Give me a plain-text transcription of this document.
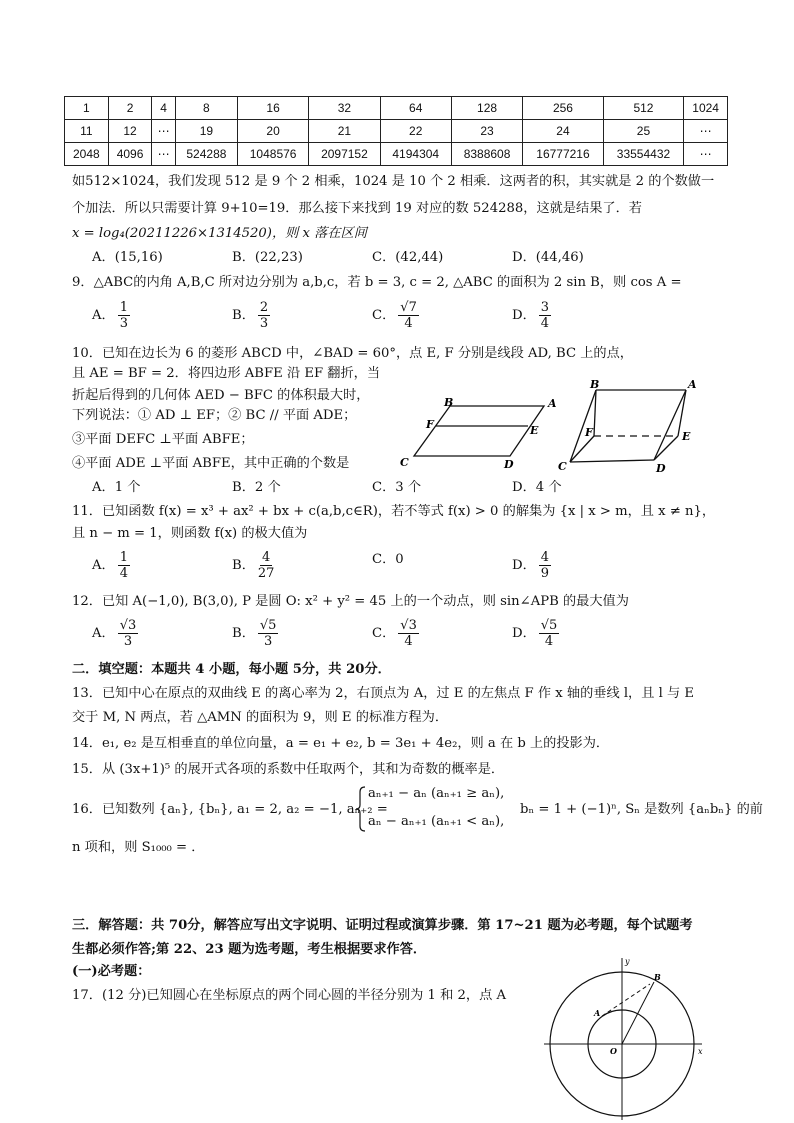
1	2	4	8	16	32	64	128	256	512	1024
11	12	⋯	19	20	21	22	23	24	25	⋯
2048	4096	⋯	524288	1048576	2097152	4194304	8388608	16777216	33554432	⋯
如512×1024，我们发现 512 是 9 个 2 相乘，1024 是 10 个 2 相乘．这两者的积，其实就是 2 的个数做一
个加法．所以只需要计算 9+10=19．那么接下来找到 19 对应的数 524288，这就是结果了．若
x = log₄(20211226×1314520)，则 x 落在区间
A．(15,16)	B．(22,23)	C．(42,44)	D．(44,46)
9．△ABC的内角 A,B,C 所对边分别为 a,b,c，若 b = 3, c = 2, △ABC 的面积为 2 sin B，则 cos A =
A． $\frac{1}{3}$	B． $\frac{2}{3}$	C． $\frac{√7}{4}$	D． $\frac{3}{4}$
10．已知在边长为 6 的菱形 ABCD 中，∠BAD = 60°，点 E, F 分别是线段 AD, BC 上的点，
且 AE = BF = 2．将四边形 ABFE 沿 EF 翻折，当
折起后得到的几何体 AED − BFC 的体积最大时，
下列说法：① AD ⊥ EF；② BC // 平面 ADE；
③平面 DEFC ⊥平面 ABFE；
④平面 ADE ⊥平面 ABFE，其中正确的个数是
A．1 个	B．2 个	C．3 个	D．4 个
B	A
F	E
C	D
B	A
F	E
C	D
11．已知函数 f(x) = x³ + ax² + bx + c(a,b,c∈R)，若不等式 f(x) > 0 的解集为 {x | x > m，且 x ≠ n}，
且 n − m = 1，则函数 f(x) 的极大值为
A． $\frac{1}{4}$	B． $\frac{4}{27}$	C．0	D． $\frac{4}{9}$
12．已知 A(−1,0), B(3,0), P 是圆 O: x² + y² = 45 上的一个动点，则 sin∠APB 的最大值为
A． $\frac{√3}{3}$	B． $\frac{√5}{3}$	C． $\frac{√3}{4}$	D． $\frac{√5}{4}$
二．填空题：本题共 4 小题，每小题 5分，共 20分．
13．已知中心在原点的双曲线 E 的离心率为 2，右顶点为 A，过 E 的左焦点 F 作 x 轴的垂线 l，且 l 与 E
交于 M, N 两点，若 △AMN 的面积为 9，则 E 的标准方程为．
14．e₁, e₂ 是互相垂直的单位向量，a = e₁ + e₂, b = 3e₁ + 4e₂，则 a 在 b 上的投影为．
15．从 (3x+1)⁵ 的展开式各项的系数中任取两个，其和为奇数的概率是．
16．已知数列 {aₙ}, {bₙ}, a₁ = 2, a₂ = −1, aₙ₊₂ =
aₙ₊₁ − aₙ (aₙ₊₁ ≥ aₙ),
aₙ − aₙ₊₁ (aₙ₊₁ < aₙ),
bₙ = 1 + (−1)ⁿ, Sₙ 是数列 {aₙbₙ} 的前
n 项和，则 S₁₀₀₀ = ．
三．解答题：共 70分，解答应写出文字说明、证明过程或演算步骤．第 17~21 题为必考题，每个试题考
生都必须作答;第 22、23 题为选考题，考生根据要求作答．
(一)必考题：
17．(12 分)已知圆心在坐标原点的两个同心圆的半径分别为 1 和 2，点 A
y
x
O
A
B
